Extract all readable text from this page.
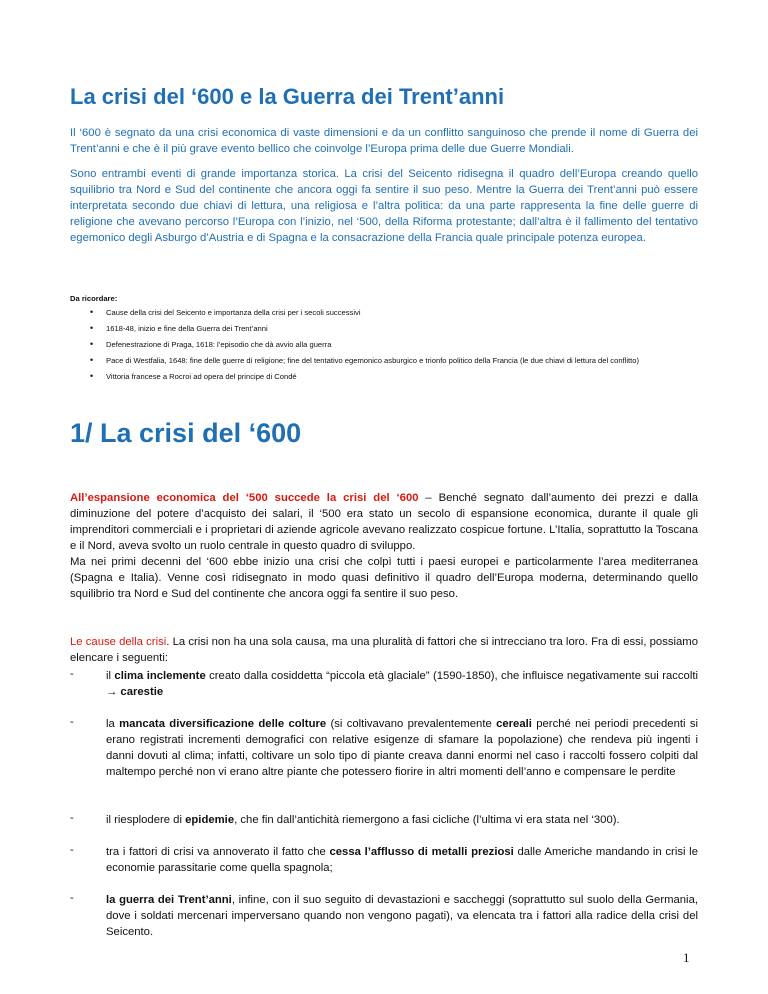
La crisi del ‘600 e la Guerra dei Trent’anni

Il ‘600 è segnato da una crisi economica di vaste dimensioni e da un conflitto sanguinoso che prende il nome di Guerra dei Trent’anni e che è il più grave evento bellico che coinvolge l’Europa prima delle due Guerre Mondiali.

Sono entrambi eventi di grande importanza storica. La crisi del Seicento ridisegna il quadro dell’Europa creando quello squilibrio tra Nord e Sud del continente che ancora oggi fa sentire il suo peso. Mentre la Guerra dei Trent’anni può essere interpretata secondo due chiavi di lettura, una religiosa e l’altra politica: da una parte rappresenta la fine delle guerre di religione che avevano percorso l’Europa con l’inizio, nel ‘500, della Riforma protestante; dall’altra è il fallimento del tentativo egemonico degli Asburgo d’Austria e di Spagna e la consacrazione della Francia quale principale potenza europea.

Da ricordare:
• Cause della crisi del Seicento e importanza della crisi per i secoli successivi
• 1618-48, inizio e fine della Guerra dei Trent’anni
• Defenestrazione di Praga, 1618: l’episodio che dà avvio alla guerra
• Pace di Westfalia, 1648: fine delle guerre di religione; fine del tentativo egemonico asburgico e trionfo politico della Francia (le due chiavi di lettura del conflitto)
• Vittoria francese a Rocroi ad opera del principe di Condé
1/ La crisi del ‘600

All’espansione economica del ‘500 succede la crisi del ‘600 – Benché segnato dall’aumento dei prezzi e dalla diminuzione del potere d’acquisto dei salari, il ‘500 era stato un secolo di espansione economica, durante il quale gli imprenditori commerciali e i proprietari di aziende agricole avevano realizzato cospicue fortune. L’Italia, soprattutto la Toscana e il Nord, aveva svolto un ruolo centrale in questo quadro di sviluppo.

Ma nei primi decenni del ‘600 ebbe inizio una crisi che colpì tutti i paesi europei e particolarmente l’area mediterranea (Spagna e Italia). Venne così ridisegnato in modo quasi definitivo il quadro dell’Europa moderna, determinando quello squilibrio tra Nord e Sud del continente che ancora oggi fa sentire il suo peso.

Le cause della crisi. La crisi non ha una sola causa, ma una pluralità di fattori che si intrecciano tra loro. Fra di essi, possiamo elencare i seguenti:

-	il clima inclemente creato dalla cosiddetta “piccola età glaciale” (1590-1850), che influisce negativamente sui raccolti → carestie
-	la mancata diversificazione delle colture (si coltivavano prevalentemente cereali perché nei periodi precedenti si erano registrati incrementi demografici con relative esigenze di sfamare la popolazione) che rendeva più ingenti i danni dovuti al clima; infatti, coltivare un solo tipo di piante creava danni enormi nel caso i raccolti fossero colpiti dal maltempo perché non vi erano altre piante che potessero fiorire in altri momenti dell’anno e compensare le perdite
-	il riesplodere di epidemie, che fin dall’antichità riemergono a fasi cicliche (l’ultima vi era stata nel ‘300).
-	tra i fattori di crisi va annoverato il fatto che cessa l’afflusso di metalli preziosi dalle Americhe mandando in crisi le economie parassitarie come quella spagnola;
-	la guerra dei Trent’anni, infine, con il suo seguito di devastazioni e saccheggi (soprattutto sul suolo della Germania, dove i soldati mercenari imperversano quando non vengono pagati), va elencata tra i fattori alla radice della crisi del Seicento.
1
